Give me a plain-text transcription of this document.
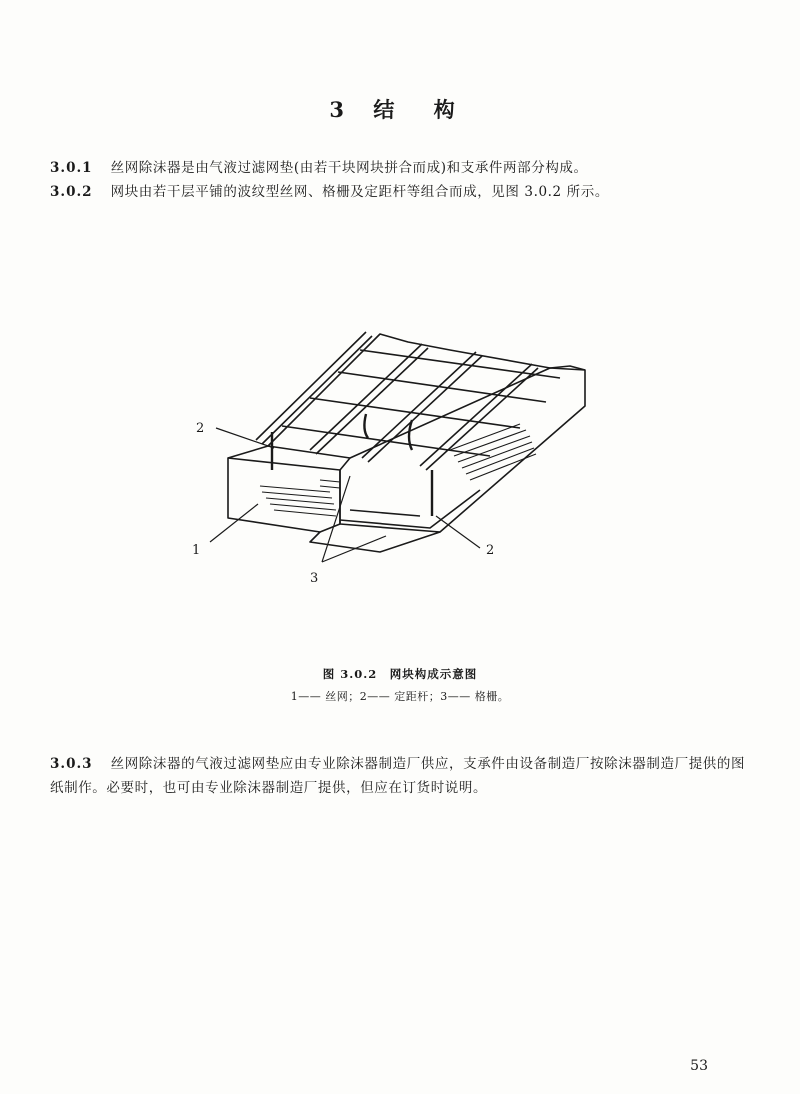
3 结 构
3.0.1 丝网除沫器是由气液过滤网垫(由若干块网块拼合而成)和支承件两部分构成。
3.0.2 网块由若干层平铺的波纹型丝网、格栅及定距杆等组合而成，见图 3.0.2 所示。
2
1	2
3
图 3.0.2　网块构成示意图
1—— 丝网；2—— 定距杆；3—— 格栅。
3.0.3 丝网除沫器的气液过滤网垫应由专业除沫器制造厂供应，支承件由设备制造厂按除沫器制造厂提供的图纸制作。必要时，也可由专业除沫器制造厂提供，但应在订货时说明。
53
